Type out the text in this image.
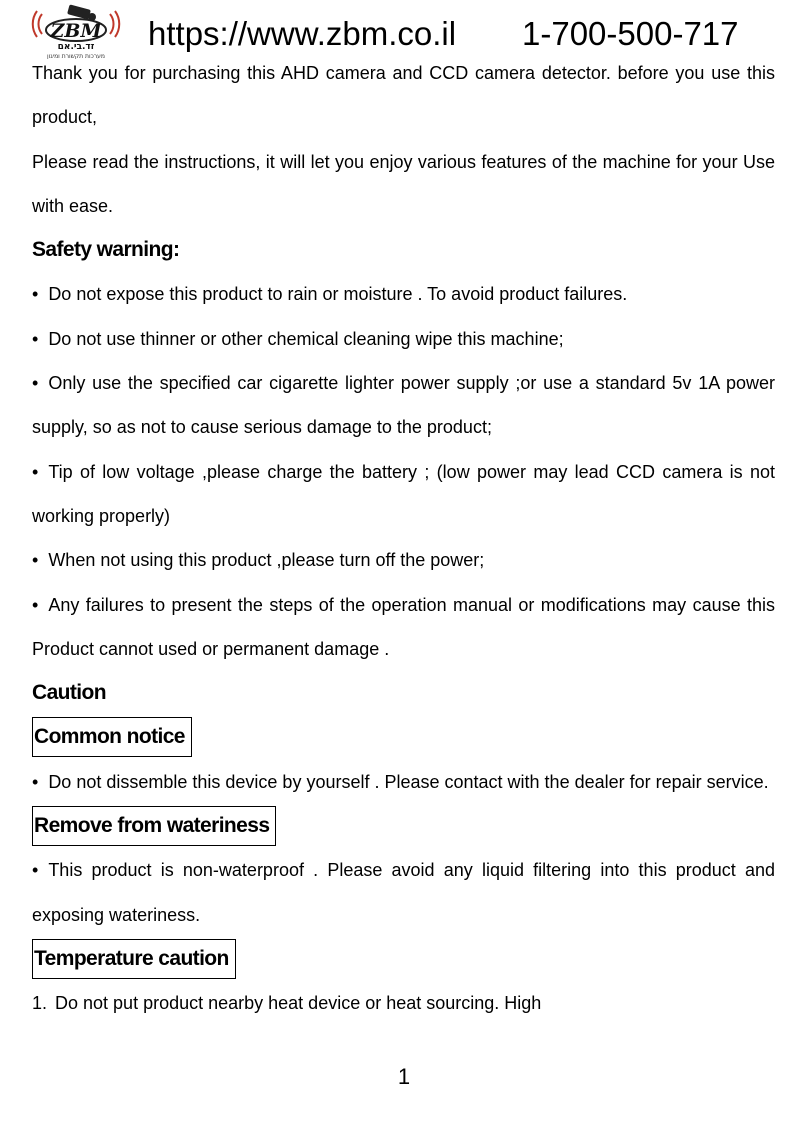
ZBM
זד.בי.אם
מערכות תקשורת ומיגון
https://www.zbm.co.il 1-700-500-717

Thank you for purchasing this AHD camera and CCD camera detector. before you use this product,

Please read the instructions, it will let you enjoy various features of the machine for your Use with ease.

Safety warning:

• Do not expose this product to rain or moisture . To avoid product failures.

• Do not use thinner or other chemical cleaning wipe this machine;

• Only use the specified car cigarette lighter power supply ;or use a standard 5v 1A power supply, so as not to cause serious damage to the product;

• Tip of low voltage ,please charge the battery ; (low power may lead CCD camera is not working properly)

• When not using this product ,please turn off the power;

• Any failures to present the steps of the operation manual or modifications may cause this Product cannot used or permanent damage .

Caution
Common notice

• Do not dissemble this device by yourself . Please contact with the dealer for repair service.

Remove from wateriness

• This product is non-waterproof . Please avoid any liquid filtering into this product and exposing wateriness.

Temperature caution

1. Do not put product nearby heat device or heat sourcing. High

1
